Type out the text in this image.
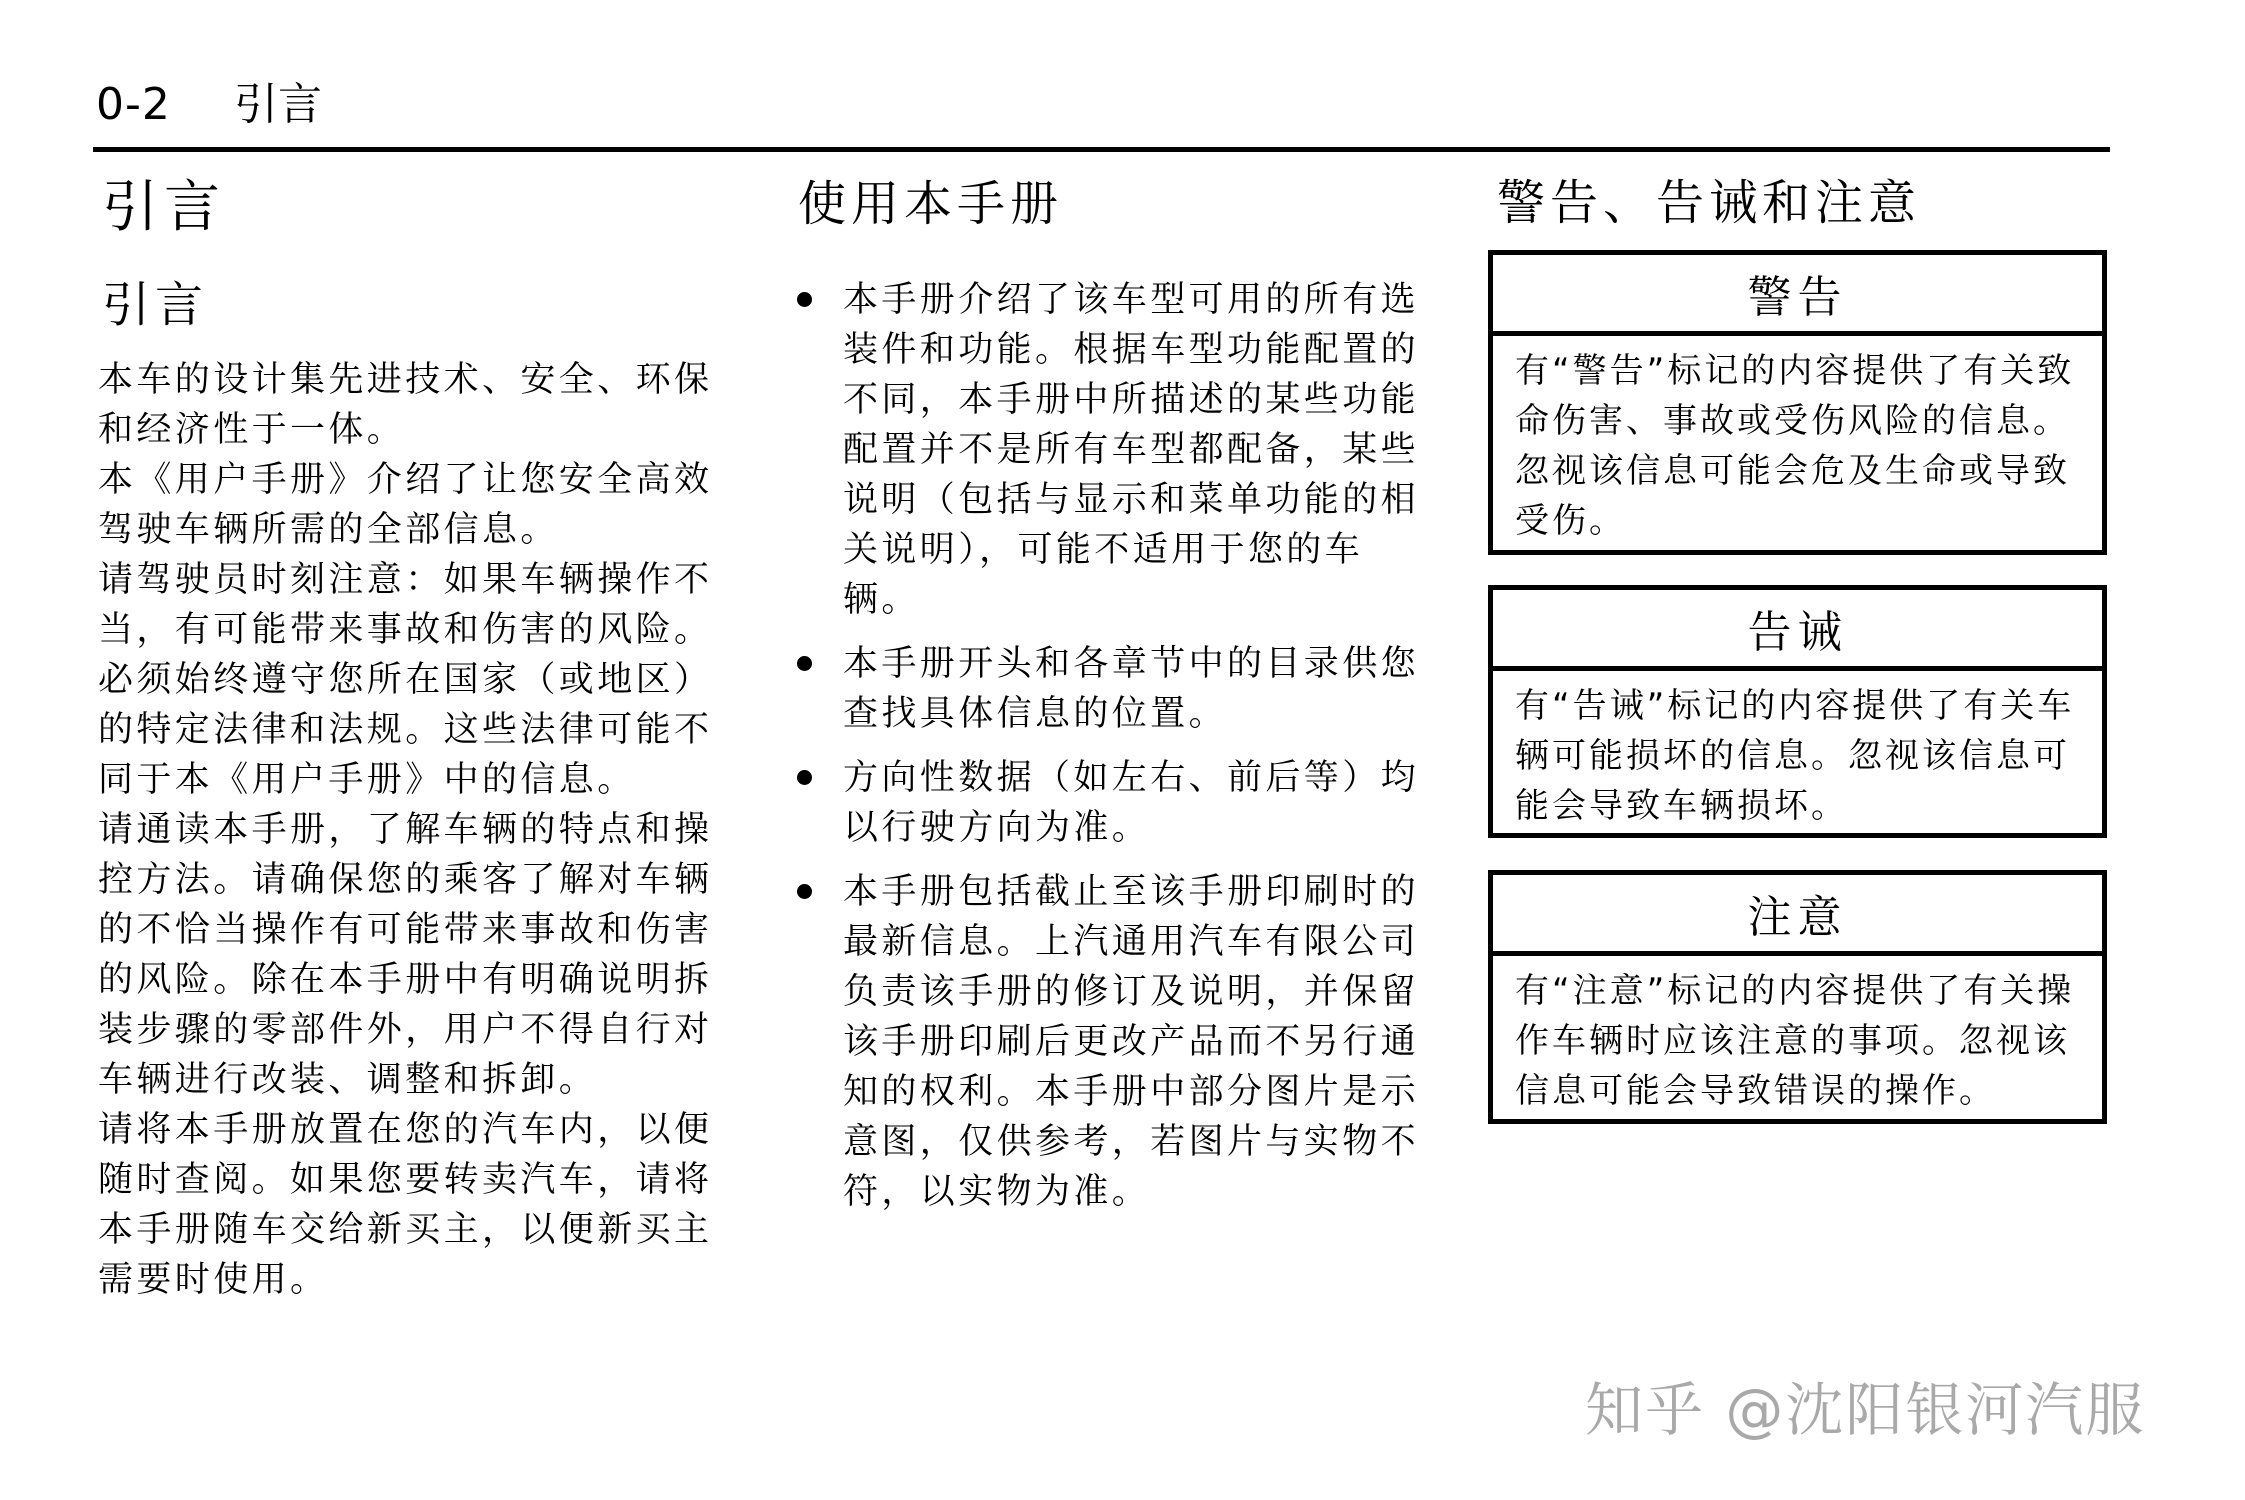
0-2 引言
引言
引言

本车的设计集先进技术、安全、环保和经济性于一体。

本《用户手册》介绍了让您安全高效驾驶车辆所需的全部信息。

请驾驶员时刻注意：如果车辆操作不当，有可能带来事故和伤害的风险。

必须始终遵守您所在国家（或地区）的特定法律和法规。这些法律可能不同于本《用户手册》中的信息。

请通读本手册，了解车辆的特点和操控方法。请确保您的乘客了解对车辆的不恰当操作有可能带来事故和伤害的风险。除在本手册中有明确说明拆装步骤的零部件外，用户不得自行对车辆进行改装、调整和拆卸。

请将本手册放置在您的汽车内，以便随时查阅。如果您要转卖汽车，请将本手册随车交给新买主，以便新买主需要时使用。

使用本手册
本手册介绍了该车型可用的所有选装件和功能。根据车型功能配置的不同，本手册中所描述的某些功能配置并不是所有车型都配备，某些说明（包括与显示和菜单功能的相关说明），可能不适用于您的车辆。
本手册开头和各章节中的目录供您查找具体信息的位置。
方向性数据（如左右、前后等）均以行驶方向为准。
本手册包括截止至该手册印刷时的最新信息。上汽通用汽车有限公司负责该手册的修订及说明，并保留该手册印刷后更改产品而不另行通知的权利。本手册中部分图片是示意图，仅供参考，若图片与实物不符，以实物为准。
警告、告诫和注意
警告
有“警告”标记的内容提供了有关致命伤害、事故或受伤风险的信息。忽视该信息可能会危及生命或导致受伤。
告诫
有“告诫”标记的内容提供了有关车辆可能损坏的信息。忽视该信息可能会导致车辆损坏。
注意
有“注意”标记的内容提供了有关操作车辆时应该注意的事项。忽视该信息可能会导致错误的操作。
知乎 @沈阳银河汽服
